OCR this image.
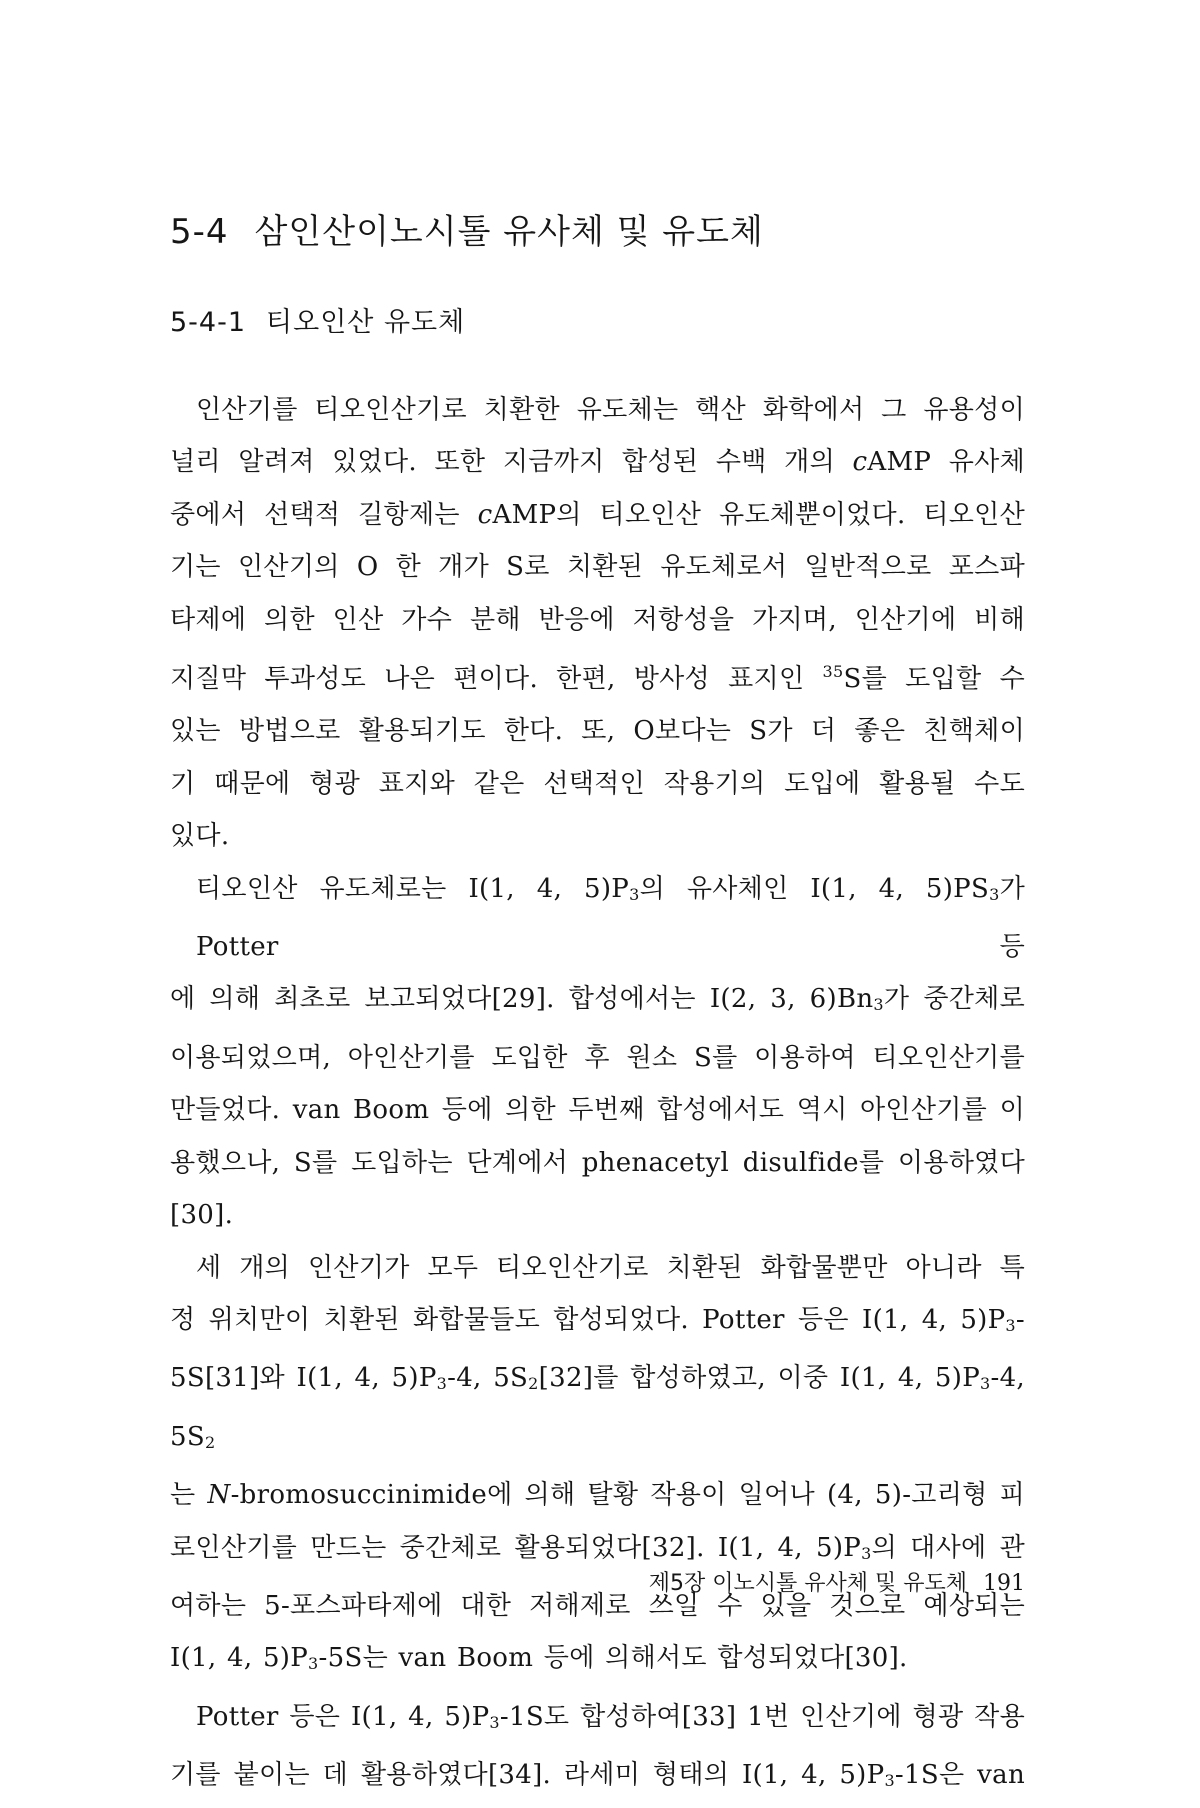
5-4 삼인산이노시톨 유사체 및 유도체
5-4-1 티오인산 유도체

인산기를 티오인산기로 치환한 유도체는 핵산 화학에서 그 유용성이

널리 알려져 있었다. 또한 지금까지 합성된 수백 개의 cAMP 유사체

중에서 선택적 길항제는 cAMP의 티오인산 유도체뿐이었다. 티오인산

기는 인산기의 O 한 개가 S로 치환된 유도체로서 일반적으로 포스파

타제에 의한 인산 가수 분해 반응에 저항성을 가지며, 인산기에 비해

지질막 투과성도 나은 편이다. 한편, 방사성 표지인 $^{35}$S를 도입할 수

있는 방법으로 활용되기도 한다. 또, O보다는 S가 더 좋은 친핵체이

기 때문에 형광 표지와 같은 선택적인 작용기의 도입에 활용될 수도

있다.

티오인산 유도체로는 I(1, 4, 5)P3의 유사체인 I(1, 4, 5)PS3가 Potter 등

에 의해 최초로 보고되었다[29]. 합성에서는 I(2, 3, 6)Bn3가 중간체로

이용되었으며, 아인산기를 도입한 후 원소 S를 이용하여 티오인산기를

만들었다. van Boom 등에 의한 두번째 합성에서도 역시 아인산기를 이

용했으나, S를 도입하는 단계에서 phenacetyl disulfide를 이용하였다[30].

세 개의 인산기가 모두 티오인산기로 치환된 화합물뿐만 아니라 특

정 위치만이 치환된 화합물들도 합성되었다. Potter 등은 I(1, 4, 5)P3-

5S[31]와 I(1, 4, 5)P3-4, 5S2[32]를 합성하였고, 이중 I(1, 4, 5)P3-4, 5S2

는 N-bromosuccinimide에 의해 탈황 작용이 일어나 (4, 5)-고리형 피

로인산기를 만드는 중간체로 활용되었다[32]. I(1, 4, 5)P3의 대사에 관

여하는 5-포스파타제에 대한 저해제로 쓰일 수 있을 것으로 예상되는

I(1, 4, 5)P3-5S는 van Boom 등에 의해서도 합성되었다[30].

Potter 등은 I(1, 4, 5)P3-1S도 합성하여[33] 1번 인산기에 형광 작용

기를 붙이는 데 활용하였다[34]. 라세미 형태의 I(1, 4, 5)P3-1S은 van

제5장 이노시톨 유사체 및 유도체 191
